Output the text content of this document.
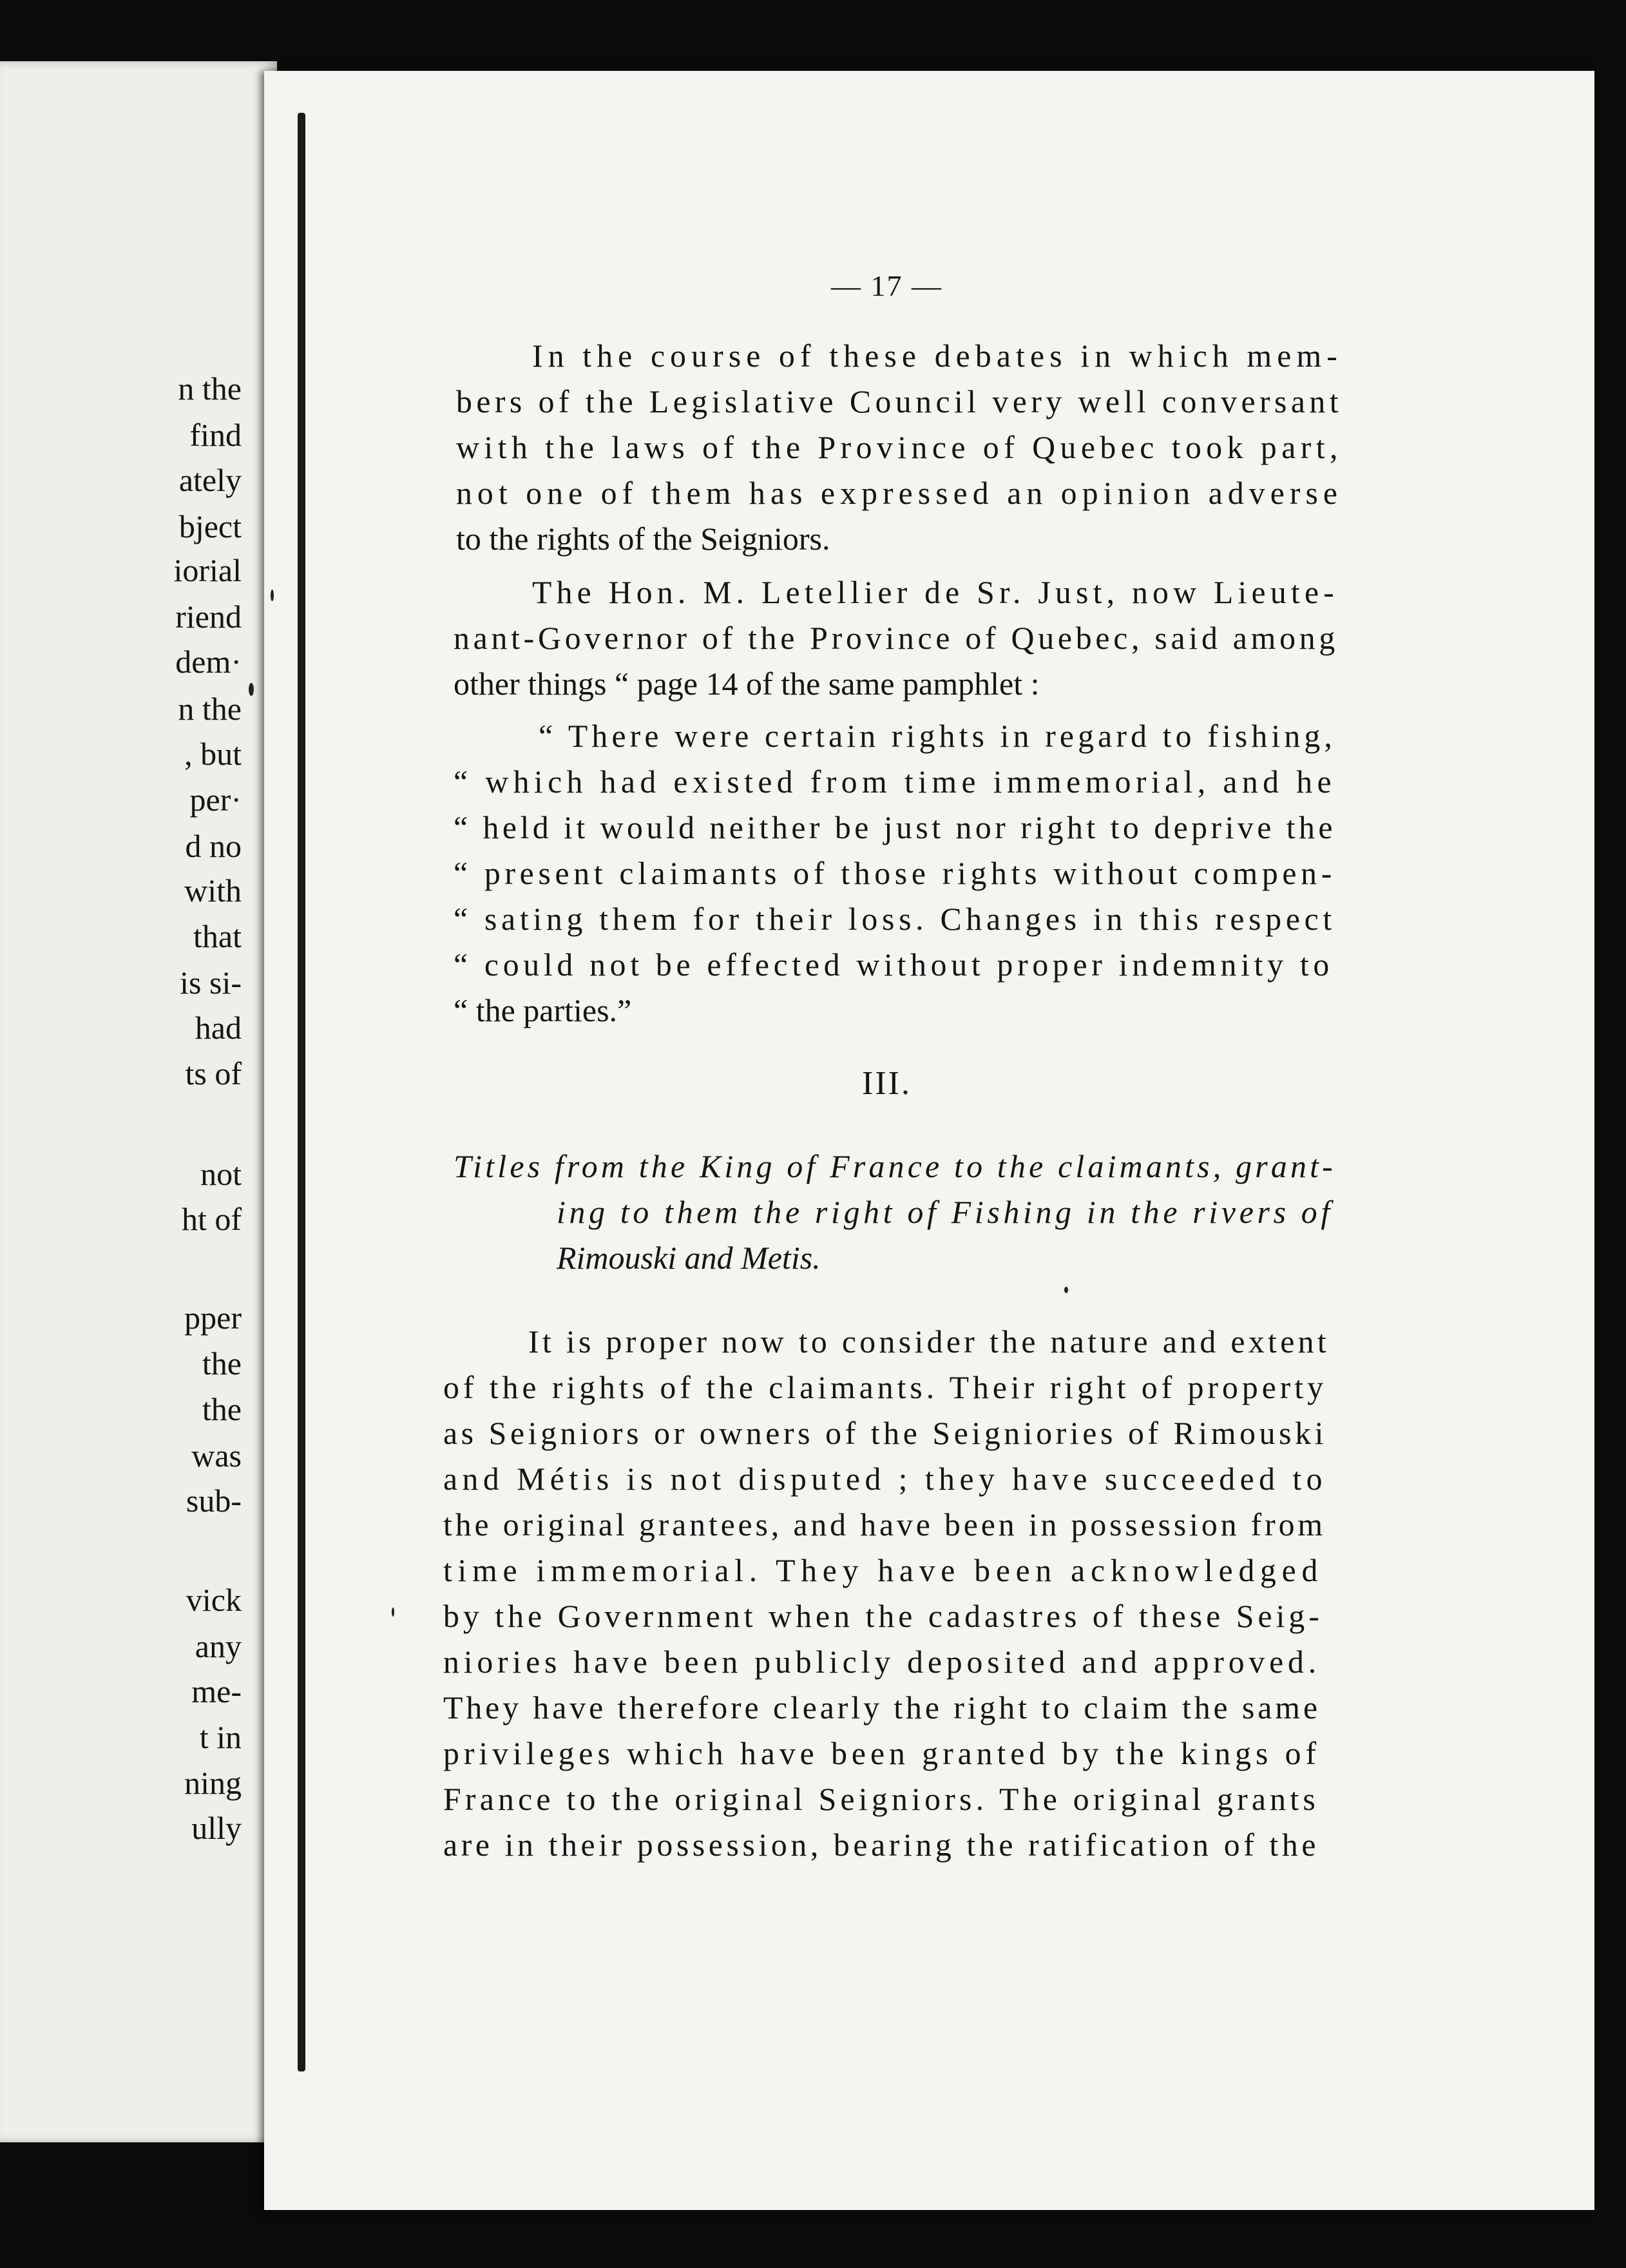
n the
find
ately
bject
iorial
riend
dem·
n the
, but
per·
d no
with
that
is si-
had
ts of
not
ht of
pper
the
the
was
sub-
vick
any
me-
t in
ning
ully
— 17 —
In the course of these debates in which mem-
bers of the Legislative Council very well conversant
with the laws of the Province of Quebec took part,
not one of them has expressed an opinion adverse
to the rights of the Seigniors.
The Hon. M. Letellier de Sr. Just, now Lieute-
nant-Governor of the Province of Quebec, said among
other things “ page 14 of the same pamphlet :
“ There were certain rights in regard to fishing,
“ which had existed from time immemorial, and he
“ held it would neither be just nor right to deprive the
“ present claimants of those rights without compen-
“ sating them for their loss. Changes in this respect
“ could not be effected without proper indemnity to
“ the parties.”
III.
Titles from the King of France to the claimants, grant-
ing to them the right of Fishing in the rivers of
Rimouski and Metis.
It is proper now to consider the nature and extent
of the rights of the claimants. Their right of property
as Seigniors or owners of the Seigniories of Rimouski
and Métis is not disputed ; they have succeeded to
the original grantees, and have been in possession from
time immemorial. They have been acknowledged
by the Government when the cadastres of these Seig-
niories have been publicly deposited and approved.
They have therefore clearly the right to claim the same
privileges which have been granted by the kings of
France to the original Seigniors. The original grants
are in their possession, bearing the ratification of the
